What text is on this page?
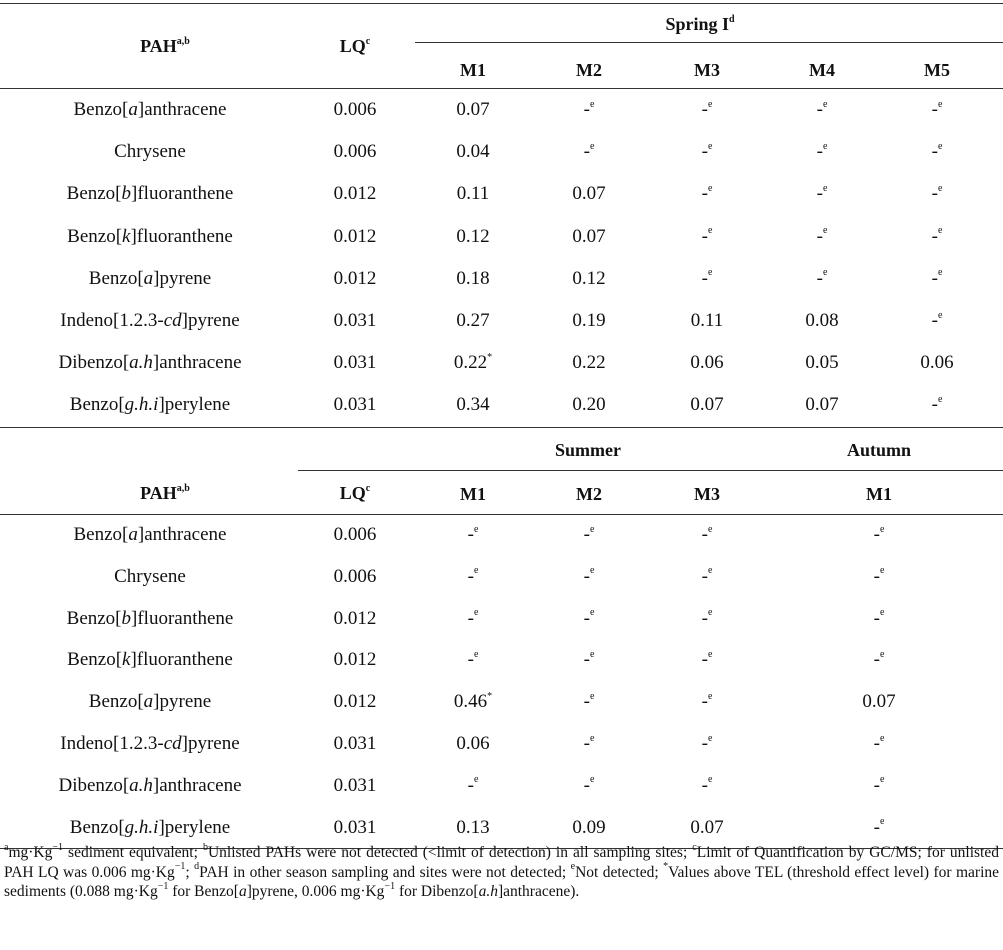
PAH$^{a,b}$	$LQ^c$
Spring $I^d$
Summer	Autumn
PAH$^{a,b}$	$LQ^c$
$^amg\cdot Kg^{-1}$ sediment equivalent; $^b$Unlisted PAHs were not detected (<limit of detection) in all sampling sites; $^c$Limit of Quantification by GC/MS; for unlisted PAH LQ was 0.006 $mg\cdot Kg^{-1}$; $^d$PAH in other season sampling and sites were not detected; $^e$Not detected; *Values above TEL (threshold effect level) for marine sediments (0.088 $mg\cdot Kg^{-1}$ for Benzo[a]pyrene, 0.006 $mg\cdot Kg^{-1}$ for Dibenzo[a.h]anthracene).
M1	M2	M3	M4	M5
Benzo[a]anthracene	0.006	0.07	-$^e$	-$^e$	-$^e$	-$^e$
Chrysene	0.006	0.04	-$^e$	-$^e$	-$^e$	-$^e$
Benzo[b]fluoranthene	0.012	0.11	0.07	-$^e$	-$^e$	-$^e$
Benzo[k]fluoranthene	0.012	0.12	0.07	-$^e$	-$^e$	-$^e$
Benzo[a]pyrene	0.012	0.18	0.12	-$^e$	-$^e$	-$^e$
Indeno[1.2.3-cd]pyrene	0.031	0.27	0.19	0.11	0.08	-$^e$
Dibenzo[a.h]anthracene	0.031	0.22*	0.22	0.06	0.05	0.06
Benzo[g.h.i]perylene	0.031	0.34	0.20	0.07	0.07	-$^e$
M1	M2	M3	M1
Benzo[a]anthracene	0.006	-$^e$	-$^e$	-$^e$	-$^e$
Chrysene	0.006	-$^e$	-$^e$	-$^e$	-$^e$
Benzo[b]fluoranthene	0.012	-$^e$	-$^e$	-$^e$	-$^e$
Benzo[k]fluoranthene	0.012	-$^e$	-$^e$	-$^e$	-$^e$
Benzo[a]pyrene	0.012	0.46*	-$^e$	-$^e$	0.07
Indeno[1.2.3-cd]pyrene	0.031	0.06	-$^e$	-$^e$	-$^e$
Dibenzo[a.h]anthracene	0.031	-$^e$	-$^e$	-$^e$	-$^e$
Benzo[g.h.i]perylene	0.031	0.13	0.09	0.07	-$^e$
